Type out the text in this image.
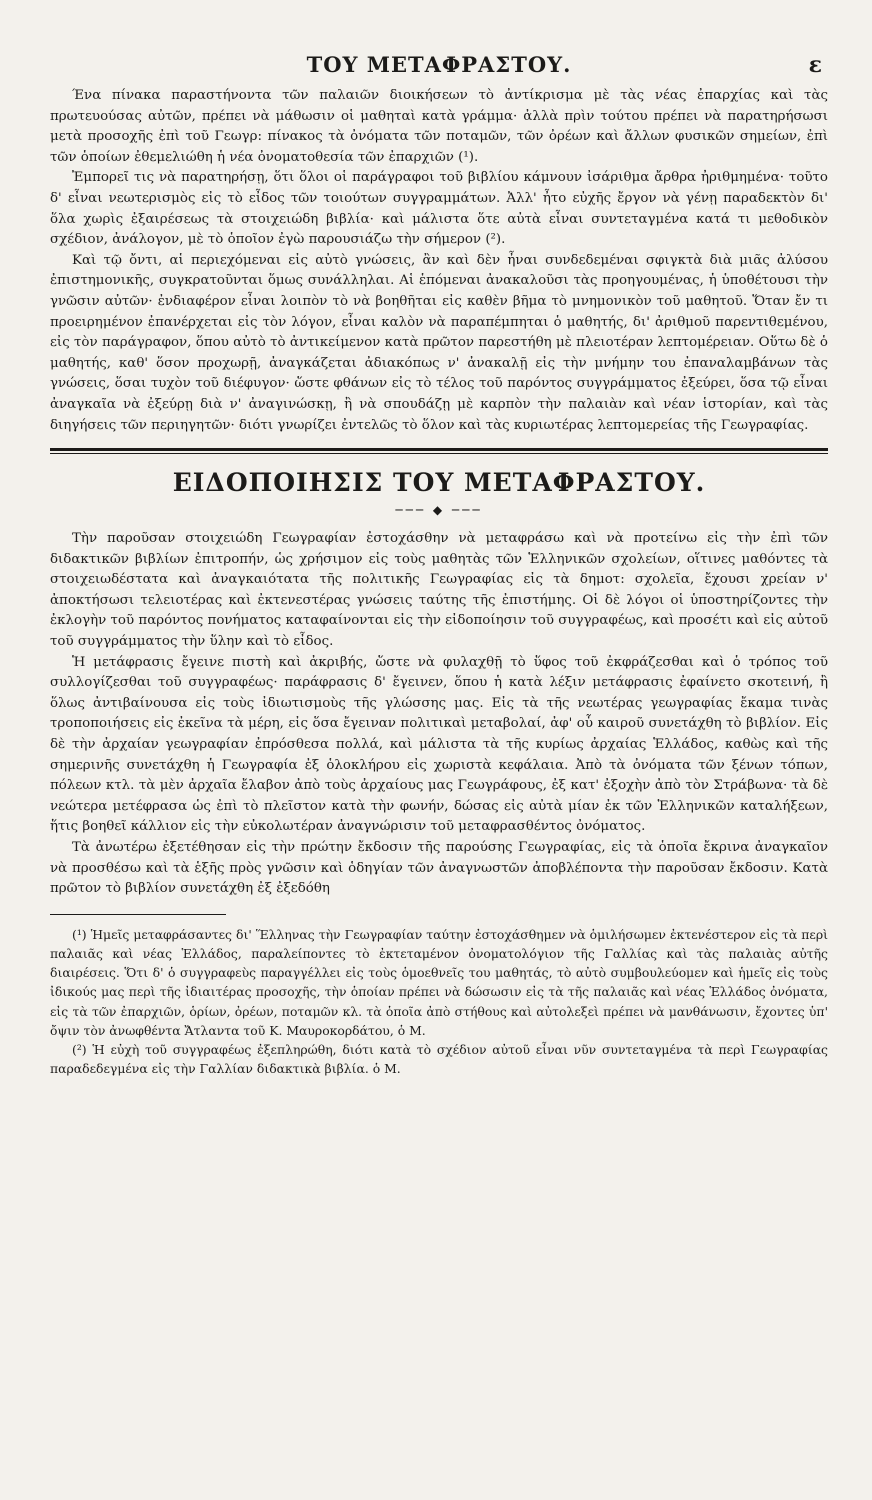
ΤΟΥ ΜΕΤΑΦΡΑΣΤΟΥ.	ε

Ένα πίνακα παραστήνοντα τῶν παλαιῶν διοικήσεων τὸ ἀντίκρισμα μὲ τὰς νέας ἐπαρχίας καὶ τὰς πρωτευούσας αὐτῶν, πρέπει νὰ μάθωσιν οἱ μαθηταὶ κατὰ γράμμα· ἀλλὰ πρὶν τούτου πρέπει νὰ παρατηρήσωσι μετὰ προσοχῆς ἐπὶ τοῦ Γεωγρ: πίνακος τὰ ὀνόματα τῶν ποταμῶν, τῶν ὀρέων καὶ ἄλλων φυσικῶν σημείων, ἐπὶ τῶν ὁποίων ἐθεμελιώθη ἡ νέα ὀνοματοθεσία τῶν ἐπαρχιῶν (¹).

Ἐμπορεῖ τις νὰ παρατηρήσῃ, ὅτι ὅλοι οἱ παράγραφοι τοῦ βιβλίου κάμνουν ἰσάριθμα ἄρθρα ἠριθμημένα· τοῦτο δ' εἶναι νεωτερισμὸς εἰς τὸ εἶδος τῶν τοιούτων συγγραμμάτων. Ἀλλ' ἦτο εὐχῆς ἔργον νὰ γένῃ παραδεκτὸν δι' ὅλα χωρὶς ἐξαιρέσεως τὰ στοιχειώδη βιβλία· καὶ μάλιστα ὅτε αὐτὰ εἶναι συντεταγμένα κατά τι μεθοδικὸν σχέδιον, ἀνάλογον, μὲ τὸ ὁποῖον ἐγὼ παρουσιάζω τὴν σήμερον (²).

Καὶ τῷ ὄντι, αἱ περιεχόμεναι εἰς αὐτὸ γνώσεις, ἂν καὶ δὲν ἦναι συνδεδεμέναι σφιγκτὰ διὰ μιᾶς ἀλύσου ἐπιστημονικῆς, συγκρατοῦνται ὅμως συνάλληλαι. Αἱ ἑπόμεναι ἀνακαλοῦσι τὰς προηγουμένας, ἡ ὑποθέτουσι τὴν γνῶσιν αὐτῶν· ἐνδιαφέρον εἶναι λοιπὸν τὸ νὰ βοηθῆται εἰς καθὲν βῆμα τὸ μνημονικὸν τοῦ μαθητοῦ. Ὅταν ἔν τι προειρημένον ἐπανέρχεται εἰς τὸν λόγον, εἶναι καλὸν νὰ παραπέμπηται ὁ μαθητής, δι' ἀριθμοῦ παρεντιθεμένου, εἰς τὸν παράγραφον, ὅπου αὐτὸ τὸ ἀντικείμενον κατὰ πρῶτον παρεστήθη μὲ πλειοτέραν λεπτομέρειαν. Οὕτω δὲ ὁ μαθητής, καθ' ὅσον προχωρῇ, ἀναγκάζεται ἀδιακόπως ν' ἀνακαλῇ εἰς τὴν μνήμην του ἐπαναλαμβάνων τὰς γνώσεις, ὅσαι τυχὸν τοῦ διέφυγον· ὥστε φθάνων εἰς τὸ τέλος τοῦ παρόντος συγγράμματος ἐξεύρει, ὅσα τῷ εἶναι ἀναγκαῖα νὰ ἐξεύρῃ διὰ ν' ἀναγινώσκῃ, ἢ νὰ σπουδάζῃ μὲ καρπὸν τὴν παλαιὰν καὶ νέαν ἱστορίαν, καὶ τὰς διηγήσεις τῶν περιηγητῶν· διότι γνωρίζει ἐντελῶς τὸ ὅλον καὶ τὰς κυριωτέρας λεπτομερείας τῆς Γεωγραφίας.

ΕΙΔΟΠΟΙΗΣΙΣ ΤΟΥ ΜΕΤΑΦΡΑΣΤΟΥ.
─── ◆ ───

Τὴν παροῦσαν στοιχειώδη Γεωγραφίαν ἐστοχάσθην νὰ μεταφράσω καὶ νὰ προτείνω εἰς τὴν ἐπὶ τῶν διδακτικῶν βιβλίων ἐπιτροπήν, ὡς χρήσιμον εἰς τοὺς μαθητὰς τῶν Ἑλληνικῶν σχολείων, οἵτινες μαθόντες τὰ στοιχειωδέστατα καὶ ἀναγκαιότατα τῆς πολιτικῆς Γεωγραφίας εἰς τὰ δημοτ: σχολεῖα, ἔχουσι χρείαν ν' ἀποκτήσωσι τελειοτέρας καὶ ἐκτενεστέρας γνώσεις ταύτης τῆς ἐπιστήμης. Οἱ δὲ λόγοι οἱ ὑποστηρίζοντες τὴν ἐκλογὴν τοῦ παρόντος πονήματος καταφαίνονται εἰς τὴν εἰδοποίησιν τοῦ συγγραφέως, καὶ προσέτι καὶ εἰς αὐτοῦ τοῦ συγγράμματος τὴν ὕλην καὶ τὸ εἶδος.

Ἡ μετάφρασις ἔγεινε πιστὴ καὶ ἀκριβής, ὥστε νὰ φυλαχθῇ τὸ ὕφος τοῦ ἐκφράζεσθαι καὶ ὁ τρόπος τοῦ συλλογίζεσθαι τοῦ συγγραφέως· παράφρασις δ' ἔγεινεν, ὅπου ἡ κατὰ λέξιν μετάφρασις ἐφαίνετο σκοτεινή, ἢ ὅλως ἀντιβαίνουσα εἰς τοὺς ἰδιωτισμοὺς τῆς γλώσσης μας. Εἰς τὰ τῆς νεωτέρας γεωγραφίας ἔκαμα τινὰς τροποποιήσεις εἰς ἐκεῖνα τὰ μέρη, εἰς ὅσα ἔγειναν πολιτικαὶ μεταβολαί, ἀφ' οὗ καιροῦ συνετάχθη τὸ βιβλίον. Εἰς δὲ τὴν ἀρχαίαν γεωγραφίαν ἐπρόσθεσα πολλά, καὶ μάλιστα τὰ τῆς κυρίως ἀρχαίας Ἑλλάδος, καθὼς καὶ τῆς σημερινῆς συνετάχθη ἡ Γεωγραφία ἐξ ὁλοκλήρου εἰς χωριστὰ κεφάλαια. Ἀπὸ τὰ ὀνόματα τῶν ξένων τόπων, πόλεων κτλ. τὰ μὲν ἀρχαῖα ἔλαβον ἀπὸ τοὺς ἀρχαίους μας Γεωγράφους, ἐξ κατ' ἐξοχὴν ἀπὸ τὸν Στράβωνα· τὰ δὲ νεώτερα μετέφρασα ὡς ἐπὶ τὸ πλεῖστον κατὰ τὴν φωνήν, δώσας εἰς αὐτὰ μίαν ἐκ τῶν Ἑλληνικῶν καταλήξεων, ἥτις βοηθεῖ κάλλιον εἰς τὴν εὐκολωτέραν ἀναγνώρισιν τοῦ μεταφρασθέντος ὀνόματος.

Τὰ ἀνωτέρω ἐξετέθησαν εἰς τὴν πρώτην ἔκδοσιν τῆς παρούσης Γεωγραφίας, εἰς τὰ ὁποῖα ἔκρινα ἀναγκαῖον νὰ προσθέσω καὶ τὰ ἑξῆς πρὸς γνῶσιν καὶ ὁδηγίαν τῶν ἀναγνωστῶν ἀποβλέποντα τὴν παροῦσαν ἔκδοσιν. Κατὰ πρῶτον τὸ βιβλίον συνετάχθη ἐξ ἐξεδόθη

(¹) Ἡμεῖς μεταφράσαντες δι' Ἕλληνας τὴν Γεωγραφίαν ταύτην ἐστοχάσθημεν νὰ ὁμιλήσωμεν ἐκτενέστερον εἰς τὰ περὶ παλαιᾶς καὶ νέας Ἑλλάδος, παραλείποντες τὸ ἐκτεταμένον ὀνοματολόγιον τῆς Γαλλίας καὶ τὰς παλαιὰς αὐτῆς διαιρέσεις. Ὅτι δ' ὁ συγγραφεὺς παραγγέλλει εἰς τοὺς ὁμοεθνεῖς του μαθητάς, τὸ αὐτὸ συμβουλεύομεν καὶ ἡμεῖς εἰς τοὺς ἰδικούς μας περὶ τῆς ἰδιαιτέρας προσοχῆς, τὴν ὁποίαν πρέπει νὰ δώσωσιν εἰς τὰ τῆς παλαιᾶς καὶ νέας Ἑλλάδος ὀνόματα, εἰς τὰ τῶν ἐπαρχιῶν, ὁρίων, ὀρέων, ποταμῶν κλ. τὰ ὁποῖα ἀπὸ στήθους καὶ αὐτολεξεὶ πρέπει νὰ μανθάνωσιν, ἔχοντες ὑπ' ὄψιν τὸν ἀνωφθέντα Ἄτλαντα τοῦ Κ. Μαυροκορδάτου, ὁ Μ.

(²) Ἡ εὐχὴ τοῦ συγγραφέως ἐξεπληρώθη, διότι κατὰ τὸ σχέδιον αὐτοῦ εἶναι νῦν συντεταγμένα τὰ περὶ Γεωγραφίας παραδεδεγμένα εἰς τὴν Γαλλίαν διδακτικὰ βιβλία. ὁ Μ.
